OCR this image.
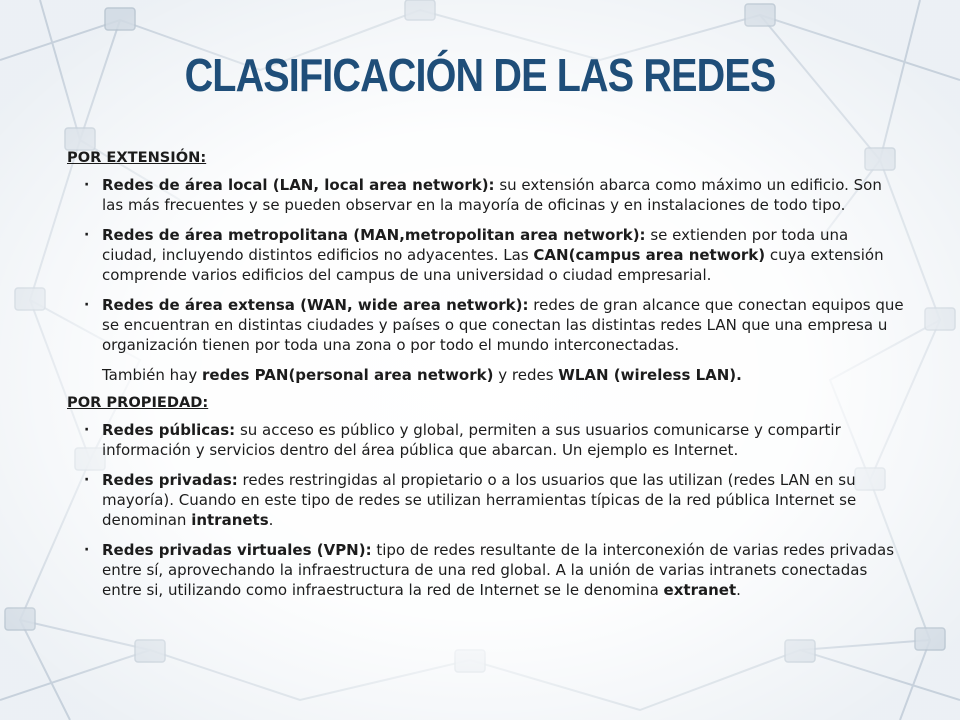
CLASIFICACIÓN DE LAS REDES
POR EXTENSIÓN:
· Redes de área local (LAN, local area network): su extensión abarca como máximo un edificio. Son las más frecuentes y se pueden observar en la mayoría de oficinas y en instalaciones de todo tipo.
· Redes de área metropolitana (MAN,metropolitan area network): se extienden por toda una ciudad, incluyendo distintos edificios no adyacentes. Las CAN(campus area network) cuya extensión comprende varios edificios del campus de una universidad o ciudad empresarial.
· Redes de área extensa (WAN, wide area network): redes de gran alcance que conectan equipos que se encuentran en distintas ciudades y países o que conectan las distintas redes LAN que una empresa u organización tienen por toda una zona o por todo el mundo interconectadas.
También hay redes PAN(personal area network) y redes WLAN (wireless LAN).
POR PROPIEDAD:
· Redes públicas: su acceso es público y global, permiten a sus usuarios comunicarse y compartir información y servicios dentro del área pública que abarcan. Un ejemplo es Internet.
· Redes privadas: redes restringidas al propietario o a los usuarios que las utilizan (redes LAN en su mayoría). Cuando en este tipo de redes se utilizan herramientas típicas de la red pública Internet se denominan intranets.
· Redes privadas virtuales (VPN): tipo de redes resultante de la interconexión de varias redes privadas entre sí, aprovechando la infraestructura de una red global. A la unión de varias intranets conectadas entre si, utilizando como infraestructura la red de Internet se le denomina extranet.
